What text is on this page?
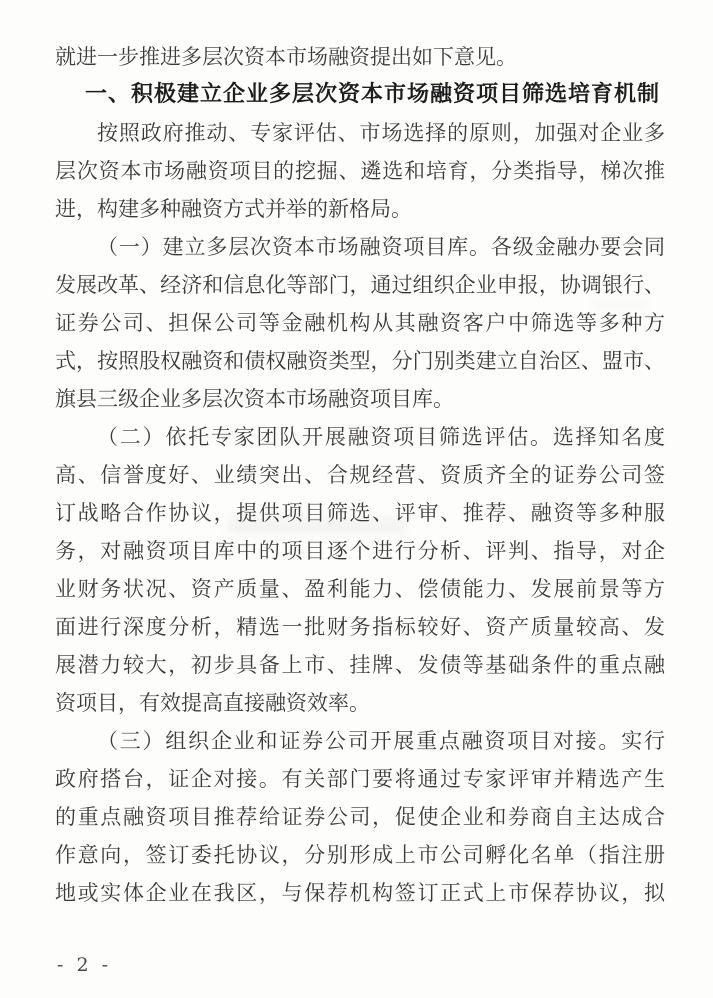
就进一步推进多层次资本市场融资提出如下意见。
一、积极建立企业多层次资本市场融资项目筛选培育机制
按照政府推动、专家评估、市场选择的原则，加强对企业多
层次资本市场融资项目的挖掘、遴选和培育，分类指导，梯次推
进，构建多种融资方式并举的新格局。
（一）建立多层次资本市场融资项目库。各级金融办要会同
发展改革、经济和信息化等部门，通过组织企业申报，协调银行、
证券公司、担保公司等金融机构从其融资客户中筛选等多种方
式，按照股权融资和债权融资类型，分门别类建立自治区、盟市、
旗县三级企业多层次资本市场融资项目库。
（二）依托专家团队开展融资项目筛选评估。选择知名度
高、信誉度好、业绩突出、合规经营、资质齐全的证券公司签
订战略合作协议，提供项目筛选、评审、推荐、融资等多种服
务，对融资项目库中的项目逐个进行分析、评判、指导，对企
业财务状况、资产质量、盈利能力、偿债能力、发展前景等方
面进行深度分析，精选一批财务指标较好、资产质量较高、发
展潜力较大，初步具备上市、挂牌、发债等基础条件的重点融
资项目，有效提高直接融资效率。
（三）组织企业和证券公司开展重点融资项目对接。实行
政府搭台，证企对接。有关部门要将通过专家评审并精选产生
的重点融资项目推荐给证券公司，促使企业和券商自主达成合
作意向，签订委托协议，分别形成上市公司孵化名单（指注册
地或实体企业在我区，与保荐机构签订正式上市保荐协议，拟
- 2 -
